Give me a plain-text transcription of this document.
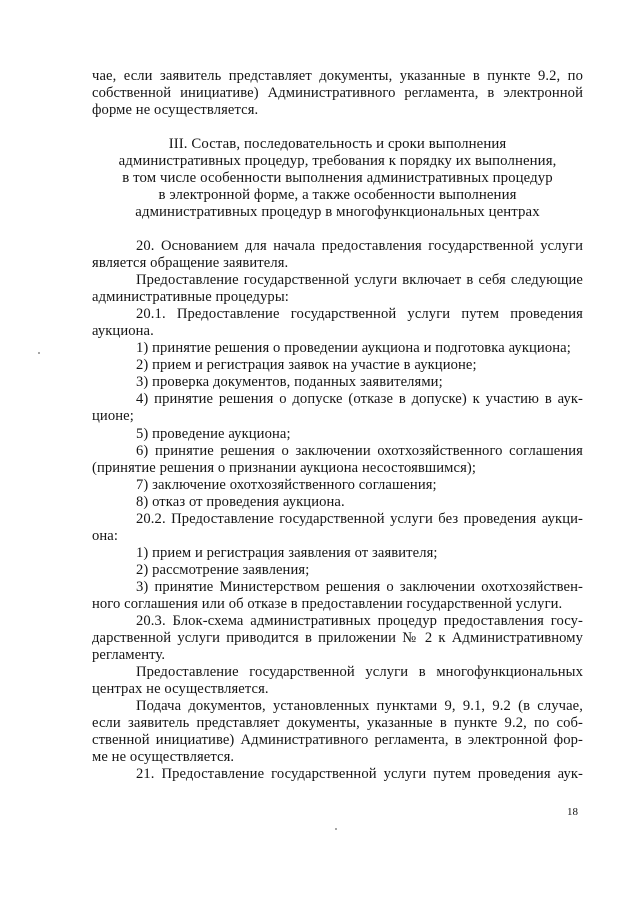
чае, если заявитель представляет документы, указанные в пункте 9.2, по

собственной инициативе) Административного регламента, в электронной

форме не осуществляется.

III. Состав, последовательность и сроки выполнения

административных процедур, требования к порядку их выполнения,

в том числе особенности выполнения административных процедур

в электронной форме, а также особенности выполнения

административных процедур в многофункциональных центрах

20. Основанием для начала предоставления государственной услуги

является обращение заявителя.

Предоставление государственной услуги включает в себя следующие

административные процедуры:

20.1. Предоставление государственной услуги путем проведения

аукциона.

1) принятие решения о проведении аукциона и подготовка аукциона;

2) прием и регистрация заявок на участие в аукционе;

3) проверка документов, поданных заявителями;

4) принятие решения о допуске (отказе в допуске) к участию в аук-

ционе;

5) проведение аукциона;

6) принятие решения о заключении охотхозяйственного соглашения

(принятие решения о признании аукциона несостоявшимся);

7) заключение охотхозяйственного соглашения;

8) отказ от проведения аукциона.

20.2. Предоставление государственной услуги без проведения аукци-

она:

1) прием и регистрация заявления от заявителя;

2) рассмотрение заявления;

3) принятие Министерством решения о заключении охотхозяйствен-

ного соглашения или об отказе в предоставлении государственной услуги.

20.3. Блок-схема административных процедур предоставления госу-

дарственной услуги приводится в приложении № 2 к Административному

регламенту.

Предоставление государственной услуги в многофункциональных

центрах не осуществляется.

Подача документов, установленных пунктами 9, 9.1, 9.2 (в случае,

если заявитель представляет документы, указанные в пункте 9.2, по соб-

ственной инициативе) Административного регламента, в электронной фор-

ме не осуществляется.

21. Предоставление государственной услуги путем проведения аук-

18
